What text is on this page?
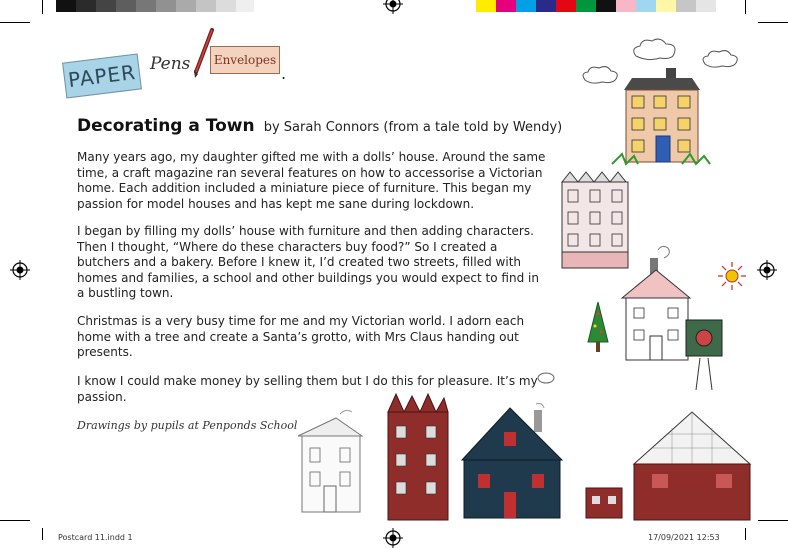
PAPER Pens Envelopes
.
Decorating a Town by Sarah Connors (from a tale told by Wendy)

Many years ago, my daughter gifted me with a dolls’ house. Around the same time, a craft magazine ran several features on how to accessorise a Victorian home. Each addition included a miniature piece of furniture. This began my passion for model houses and has kept me sane during lockdown.

I began by filling my dolls’ house with furniture and then adding characters. Then I thought, “Where do these characters buy food?” So I created a butchers and a bakery. Before I knew it, I’d created two streets, filled with homes and families, a school and other buildings you would expect to find in a bustling town.

Christmas is a very busy time for me and my Victorian world. I adorn each home with a tree and create a Santa’s grotto, with Mrs Claus handing out presents.

I know I could make money by selling them but I do this for pleasure. It’s my passion.

Drawings by pupils at Penponds School
Postcard 11.indd 1	17/09/2021 12:53
